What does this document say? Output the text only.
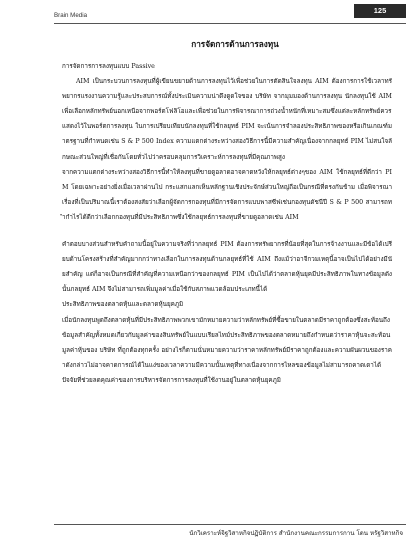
Brain Media
125
การจัดการด้านการลงทุน
การจัดการการลงทุนแบบ Passive
AIM เป็นกระบวนการลงทุนที่ผู้เขียนขยายด้านการลงทุนไว้เพื่อช่วยในการตัดสินใจลงทุน AIM ต้องการการใช้เวลาทรัพยากรแรงงานความรู้และประสบการณ์ทั้งประเมินความน่าดึงดูดใจของ บริษัท จากมุมมองด้านการลงทุน นักลงทุนใช้ AIM เพื่อเลือกหลักทรัพย์นอกเหนือจากพอร์ตโฟลิโอและเพื่อช่วยในการพิจารณาการถ่วงน้ำหนักที่เหมาะสมซึ่งแต่ละหลักทรัพย์ควรแสดงไว้ในพอร์ตการลงทุน ในการเปรียบเทียบนักลงทุนที่ใช้กลยุทธ์ PIM จะเน้นการจำลองประสิทธิภาพของหรือเกินเกณฑ์มาตรฐานที่กำหนดเช่น S & P 500 Index ความแตกต่างระหว่างสองวิธีการนี้มีความสำคัญเนื่องจากกลยุทธ์ PIM ไม่สนใจลักษณะส่วนใหญ่ที่เชื่อกันโดยทั่วไปว่าครอบคลุมการวิเคราะห์การลงทุนที่มีคุณภาพสูง
จากความแตกต่างระหว่างสองวิธีการนี้ทำให้ลงทุนที่ขายดูอลาดอาจคาดหวังให้กลยุทธ์ต่างๆของ AIM ใช้กลยุทธ์ที่ดีกว่า PIM โดยเฉพาะอย่างยิ่งเมื่อเวลาผ่านไป กระแสกแลกเห็นหลักฐานเชิงประจักษ์ส่วนใหญ่ถือเป็นกรณีที่ตรงกันข้าม เมื่อพิจารณาเรื่องที่เป็นปริมาณนี้เราต้องสงสัยว่าเลือกผู้จัดการกองทุนที่มีการจัดการแบบพาสซีฟเช่นกองทุนดัชนีปี S & P 500 สามารถทำกำไรได้ดีกว่าเลือกกองทุนที่มีประสิทธิภาพซึ่งใช้กลยุทธ์การลงทุนที่ขายดูอลาดเช่น AIM
คำตอบบางส่วนสำหรับคำถามนี้อยู่ในความจริงที่ว่ากลยุทธ์ PIM ต้องการทรัพยากรที่น้อยที่สุดในการจ้างงานและมีข้อได้เปรียบด้านโครงสร้างที่สำคัญมากกว่าทางเลือกในการลงทุนด้านกลยุทธ์ที่ใช้ AIM ถึงแม้ว่าอาจีกวมเหตุนี้อาจเป็นไปได้อย่างมีนัยสำคัญ แต่ก็อาจเป็นกรณีที่สำคัญที่ความเหนือกว่าของกลยุทธ์ PIM เป็นไปได้ว่าตลาดหุ้นยุคมีประสิทธิภาพในทางข้อมูลดังนั้นกลยุทธ์ AIM จึงไม่สามารถเพิ่มมูลค่าเมื่อใช้กับสภาพแวดล้อมประเภทนี้ได้
ประสิทธิภาพของตลาดหุ้นและตลาดหุ้นยุคภูมิ
เมื่อนักลงทุนพูดถึงตลาดหุ้นที่มีประสิทธิภาพพวกเขามักหมายความว่าหลักทรัพย์ที่ซื้อขายในตลาดมีราคาถูกต้องซึ่งสะท้อนถึงข้อมูลสำคัญทั้งหมดเกี่ยวกับมูลค่าของสินทรัพย์ในแบบเรียลไทม์ประสิทธิภาพของตลาดหมายถึงกำหนดว่าราคาหุ้นจะสะท้อนมูลค่าหุ้นของ บริษัท ที่ถูกต้องทุกครั้ง อย่างไรก็ตามนั่นหมายความว่าราคาหลักทรัพย์มีราคาถูกต้องและความผันผวนของราคาดังกล่าวไม่อาจคาดการณ์ได้ในแง่ของเวลาความมีความนั้นเหตุที่ทางเนื่องจากการไหลของข้อมูลไม่สามารถคาดเดาได้
ปัจจัยที่ช่วยลดคุณค่าของการบริหารจัดการการลงทุนที่ใช้งานอยู่ในตลาดหุ้นยุคภูมิ
นักวิเคราะห์จิฐวิสาหกิจปฏิบัติการ สำนักงานคณะกรรมการกาน โดน หรัฐวิสาหกิจ
